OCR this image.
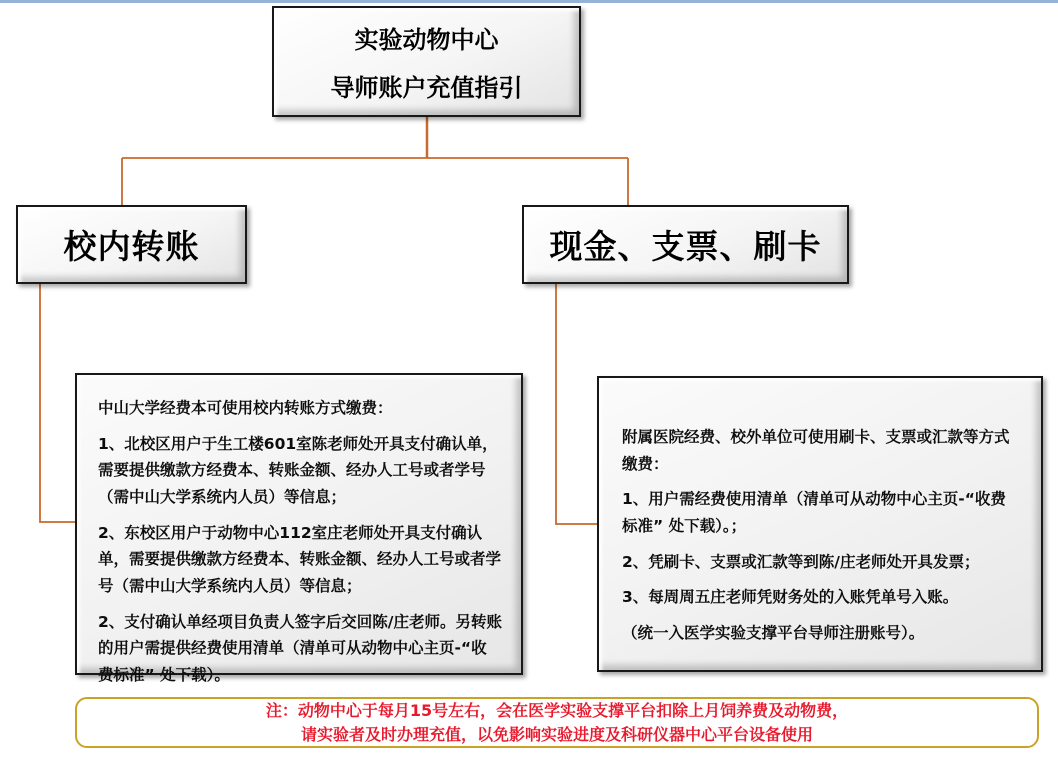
实验动物中心
导师账户充值指引
校内转账	现金、支票、刷卡

中山大学经费本可使用校内转账方式缴费：

1、北校区用户于生工楼601室陈老师处开具支付确认单，需要提供缴款方经费本、转账金额、经办人工号或者学号（需中山大学系统内人员）等信息；

2、东校区用户于动物中心112室庄老师处开具支付确认单，需要提供缴款方经费本、转账金额、经办人工号或者学号（需中山大学系统内人员）等信息；

2、支付确认单经项目负责人签字后交回陈/庄老师。另转账的用户需提供经费使用清单（清单可从动物中心主页-“收费标准” 处下载）。

附属医院经费、校外单位可使用刷卡、支票或汇款等方式缴费：

1、用户需经费使用清单（清单可从动物中心主页-“收费标准” 处下载）。；

2、凭刷卡、支票或汇款等到陈/庄老师处开具发票；

3、每周周五庄老师凭财务处的入账凭单号入账。

（统一入医学实验支撑平台导师注册账号）。

注：动物中心于每月15号左右，会在医学实验支撑平台扣除上月饲养费及动物费，
请实验者及时办理充值，以免影响实验进度及科研仪器中心平台设备使用
